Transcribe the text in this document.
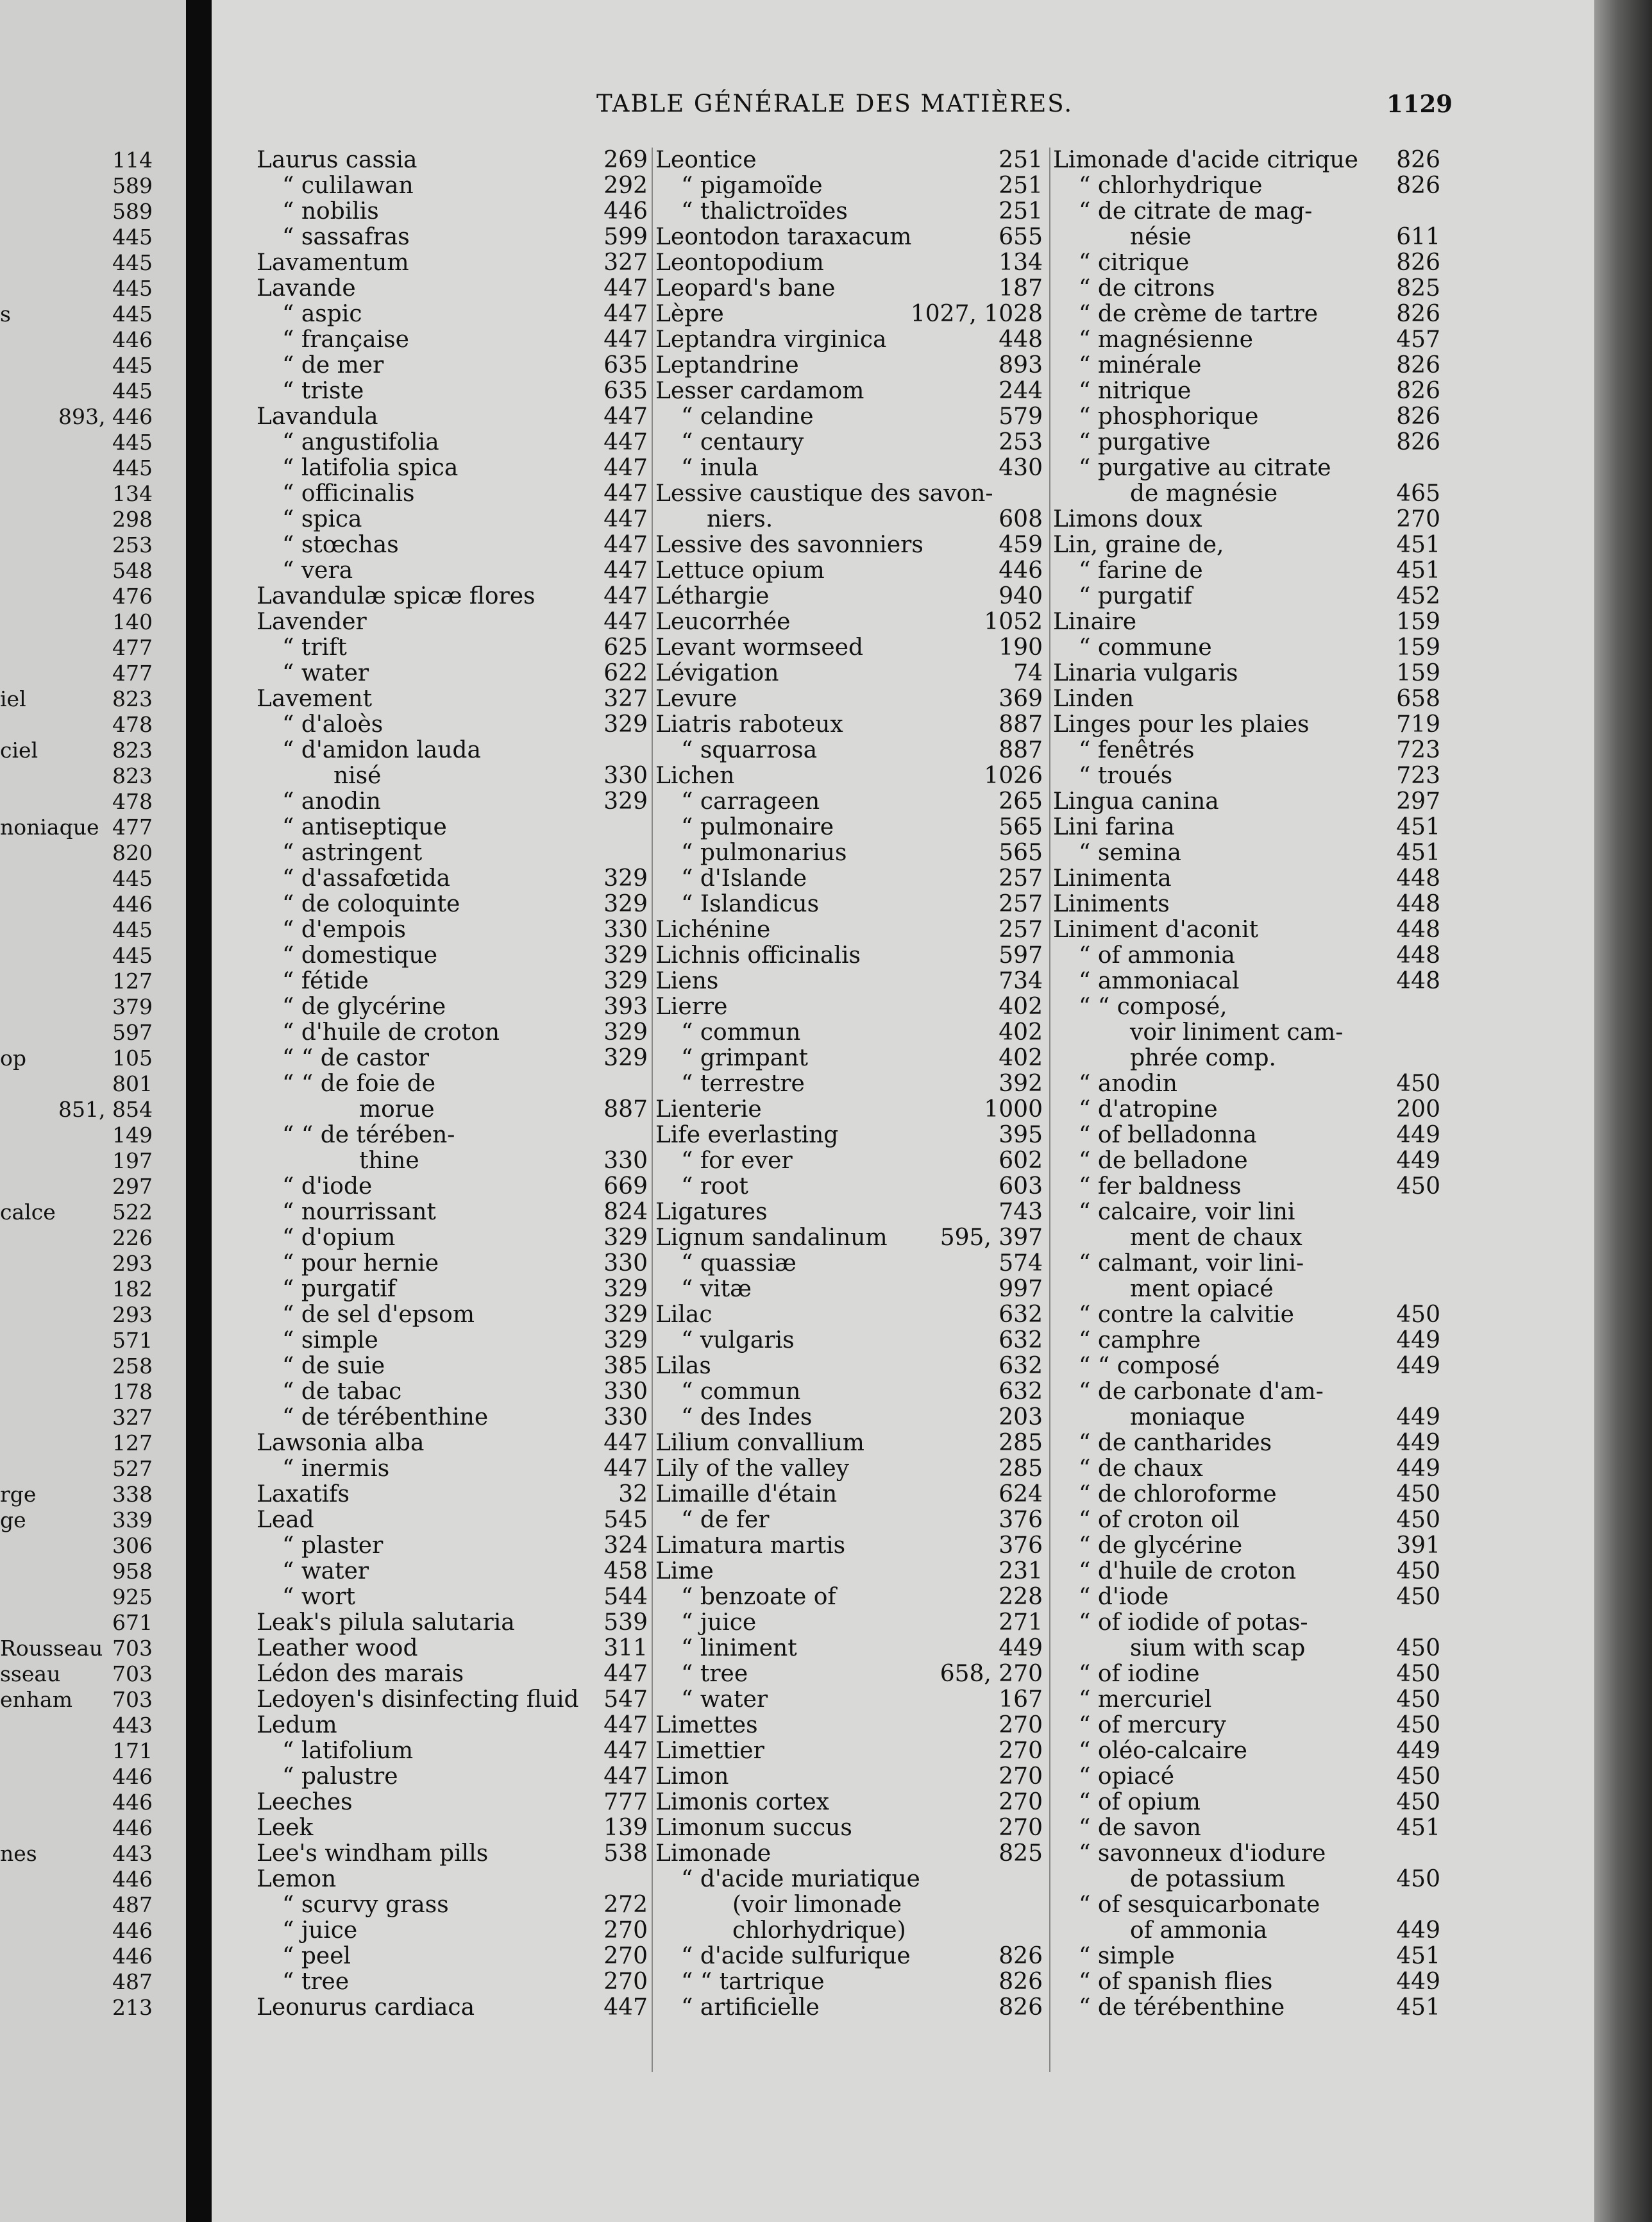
114
589
589
445
445
445
s	445
446
445
445
893, 446
445
445
134
298
253
548
476
140
477
477
iel	823
478
ciel	823
823
478
noniaque 477
820
445
446
445
445
127
379
597
op	105
801
851, 854
149
197
297
calce	522
226
293
182
293
571
258
178
327
127
527
rge	338
ge	339
306
958
925
671
Rousseau 703
sseau 703
enham 703
443
171
446
446
446
nes	443
446
487
446
446
487
213
TABLE GÉNÉRALE DES MATIÈRES.	1129
Laurus cassia	269
“ culilawan	292
“ nobilis	446
“ sassafras	599
Lavamentum	327
Lavande	447
“ aspic	447
“ française	447
“ de mer	635
“ triste	635
Lavandula	447
“ angustifolia	447
“ latifolia spica	447
“ officinalis	447
“ spica	447
“ stœchas	447
“ vera	447
Lavandulæ spicæ flores	447
Lavender	447
“ trift	625
“ water	622
Lavement	327
“ d'aloès	329
“ d'amidon lauda
nisé	330
“ anodin	329
“ antiseptique
“ astringent
“ d'assafœtida	329
“ de coloquinte	329
“ d'empois	330
“ domestique	329
“ fétide	329
“ de glycérine	393
“ d'huile de croton	329
“ “ de castor	329
“ “ de foie de
morue	887
“ “ de térében-
thine	330
“ d'iode	669
“ nourrissant	824
“ d'opium	329
“ pour hernie	330
“ purgatif	329
“ de sel d'epsom	329
“ simple	329
“ de suie	385
“ de tabac	330
“ de térébenthine	330
Lawsonia alba	447
“ inermis	447
Laxatifs	32
Lead	545
“ plaster	324
“ water	458
“ wort	544
Leak's pilula salutaria	539
Leather wood	311
Lédon des marais	447
Ledoyen's disinfecting fluid 547
Ledum	447
“ latifolium	447
“ palustre	447
Leeches	777
Leek	139
Lee's windham pills	538
Lemon
“ scurvy grass	272
“ juice	270
“ peel	270
“ tree	270
Leonurus cardiaca	447
Leontice	251
“ pigamoïde	251
“ thalictroïdes	251
Leontodon taraxacum	655
Leontopodium	134
Leopard's bane	187
Lèpre	1027, 1028
Leptandra virginica	448
Leptandrine	893
Lesser cardamom	244
“ celandine	579
“ centaury	253
“ inula	430
Lessive caustique des savon-
niers.	608
Lessive des savonniers	459
Lettuce opium	446
Léthargie	940
Leucorrhée	1052
Levant wormseed	190
Lévigation	74
Levure	369
Liatris raboteux	887
“ squarrosa	887
Lichen	1026
“ carrageen	265
“ pulmonaire	565
“ pulmonarius	565
“ d'Islande	257
“ Islandicus	257
Lichénine	257
Lichnis officinalis	597
Liens	734
Lierre	402
“ commun	402
“ grimpant	402
“ terrestre	392
Lienterie	1000
Life everlasting	395
“ for ever	602
“ root	603
Ligatures	743
Lignum sandalinum 595, 397
“ quassiæ	574
“ vitæ	997
Lilac	632
“ vulgaris	632
Lilas	632
“ commun	632
“ des Indes	203
Lilium convallium	285
Lily of the valley	285
Limaille d'étain	624
“ de fer	376
Limatura martis	376
Lime	231
“ benzoate of	228
“ juice	271
“ liniment	449
“ tree	658, 270
“ water	167
Limettes	270
Limettier	270
Limon	270
Limonis cortex	270
Limonum succus	270
Limonade	825
“ d'acide muriatique
(voir limonade
chlorhydrique)
“ d'acide sulfurique	826
“ “ tartrique	826
“ artificielle	826
Limonade d'acide citrique 826
“ chlorhydrique	826
“ de citrate de mag-
nésie	611
“ citrique	826
“ de citrons	825
“ de crème de tartre	826
“ magnésienne	457
“ minérale	826
“ nitrique	826
“ phosphorique	826
“ purgative	826
“ purgative au citrate
de magnésie	465
Limons doux	270
Lin, graine de,	451
“ farine de	451
“ purgatif	452
Linaire	159
“ commune	159
Linaria vulgaris	159
Linden	658
Linges pour les plaies	719
“ fenêtrés	723
“ troués	723
Lingua canina	297
Lini farina	451
“ semina	451
Linimenta	448
Liniments	448
Liniment d'aconit	448
“ of ammonia	448
“ ammoniacal	448
“ “ composé,
voir liniment cam-
phrée comp.
“ anodin	450
“ d'atropine	200
“ of belladonna	449
“ de belladone	449
“ fer baldness	450
“ calcaire, voir lini
ment de chaux
“ calmant, voir lini-
ment opiacé
“ contre la calvitie	450
“ camphre	449
“ “ composé	449
“ de carbonate d'am-
moniaque	449
“ de cantharides	449
“ de chaux	449
“ de chloroforme	450
“ of croton oil	450
“ de glycérine	391
“ d'huile de croton	450
“ d'iode	450
“ of iodide of potas-
sium with scap	450
“ of iodine	450
“ mercuriel	450
“ of mercury	450
“ oléo-calcaire	449
“ opiacé	450
“ of opium	450
“ de savon	451
“ savonneux d'iodure
de potassium	450
“ of sesquicarbonate
of ammonia	449
“ simple	451
“ of spanish flies	449
“ de térébenthine	451
